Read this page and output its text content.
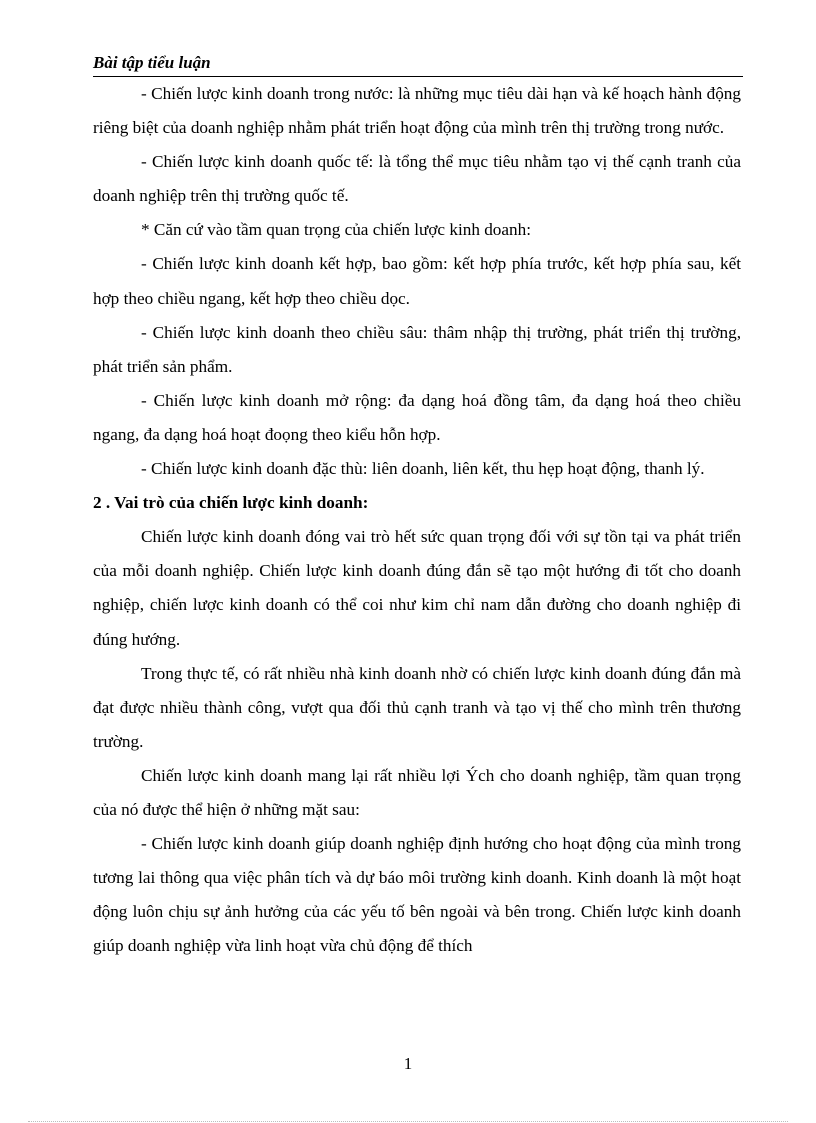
Bài tập tiểu luận

- Chiến lược kinh doanh trong nước: là những mục tiêu dài hạn và kế hoạch hành động riêng biệt của doanh nghiệp nhằm phát triển hoạt động của mình trên thị trường trong nước.

- Chiến lược kinh doanh quốc tế: là tổng thể mục tiêu nhằm tạo vị thế cạnh tranh của doanh nghiệp trên thị trường quốc tế.

* Căn cứ vào tầm quan trọng của chiến lược kinh doanh:

- Chiến lược kinh doanh kết hợp, bao gồm: kết hợp phía trước, kết hợp phía sau, kết hợp theo chiều ngang, kết hợp theo chiều dọc.

- Chiến lược kinh doanh theo chiều sâu: thâm nhập thị trường, phát triển thị trường, phát triển sản phẩm.

- Chiến lược kinh doanh mở rộng: đa dạng hoá đồng tâm, đa dạng hoá theo chiều ngang, đa dạng hoá hoạt đoọng theo kiểu hỗn hợp.

- Chiến lược kinh doanh đặc thù: liên doanh, liên kết, thu hẹp hoạt động, thanh lý.

2 . Vai trò của chiến lược kinh doanh:

Chiến lược kinh doanh đóng vai trò hết sức quan trọng đối với sự tồn tại va phát triển của mỗi doanh nghiệp. Chiến lược kinh doanh đúng đắn sẽ tạo một hướng đi tốt cho doanh nghiệp, chiến lược kinh doanh có thể coi như kim chỉ nam dẫn đường cho doanh nghiệp đi đúng hướng.

Trong thực tế, có rất nhiều nhà kinh doanh nhờ có chiến lược kinh doanh đúng đắn mà đạt được nhiều thành công, vượt qua đối thủ cạnh tranh và tạo vị thế cho mình trên thương trường.

Chiến lược kinh doanh mang lại rất nhiều lợi Ých cho doanh nghiệp, tầm quan trọng của nó được thể hiện ở những mặt sau:

- Chiến lược kinh doanh giúp doanh nghiệp định hướng cho hoạt động của mình trong tương lai thông qua việc phân tích và dự báo môi trường kinh doanh. Kinh doanh là một hoạt động luôn chịu sự ảnh hưởng của các yếu tố bên ngoài và bên trong. Chiến lược kinh doanh giúp doanh nghiệp vừa linh hoạt vừa chủ động để thích

1
